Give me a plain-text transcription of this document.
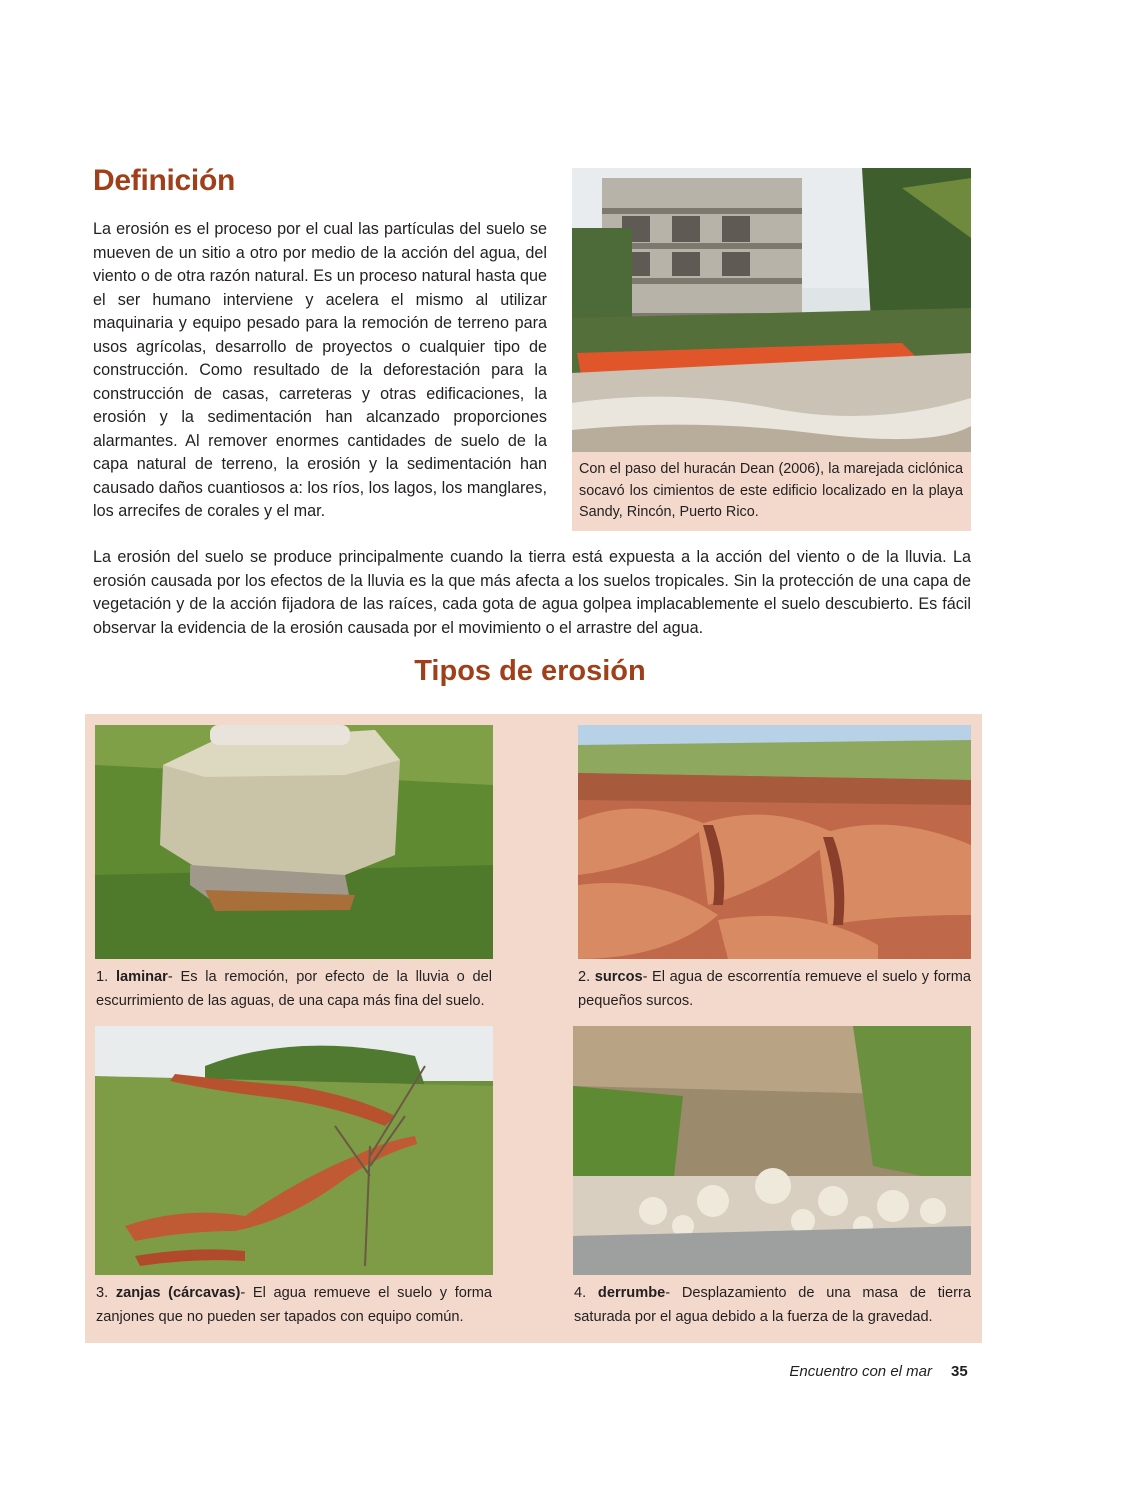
Definición

La erosión es el proceso por el cual las partículas del suelo se mueven de un sitio a otro por medio de la acción del agua, del viento o de otra razón natural. Es un proceso natural hasta que el ser humano interviene y acelera el mismo al utilizar maquinaria y equipo pesado para la remoción de terreno para usos agrícolas, desarrollo de proyectos o cualquier tipo de construcción. Como resultado de la deforestación para la construcción de casas, carreteras y otras edificaciones, la erosión y la sedimentación han alcanzado proporciones alarmantes. Al remover enormes cantidades de suelo de la capa natural de terreno, la erosión y la sedimentación han causado daños cuantiosos a: los ríos, los lagos, los manglares, los arrecifes de corales y el mar.

Con el paso del huracán Dean (2006), la marejada ciclónica socavó los cimientos de este edificio localizado en la playa Sandy, Rincón, Puerto Rico.

La erosión del suelo se produce principalmente cuando la tierra está expuesta a la acción del viento o de la lluvia. La erosión causada por los efectos de la lluvia es la que más afecta a los suelos tropicales. Sin la protección de una capa de vegetación y de la acción fijadora de las raíces, cada gota de agua golpea implacablemente el suelo descubierto. Es fácil observar la evidencia de la erosión causada por el movimiento o el arrastre del agua.

Tipos de erosión
1. laminar- Es la remoción, por efecto de la lluvia o del escurrimiento de las aguas, de una capa más fina del suelo.
2. surcos- El agua de escorrentía remueve el suelo y forma pequeños surcos.
3. zanjas (cárcavas)- El agua remueve el suelo y forma zanjones que no pueden ser tapados con equipo común.
4. derrumbe- Desplazamiento de una masa de tierra saturada por el agua debido a la fuerza de la gravedad.
Encuentro con el mar 35
